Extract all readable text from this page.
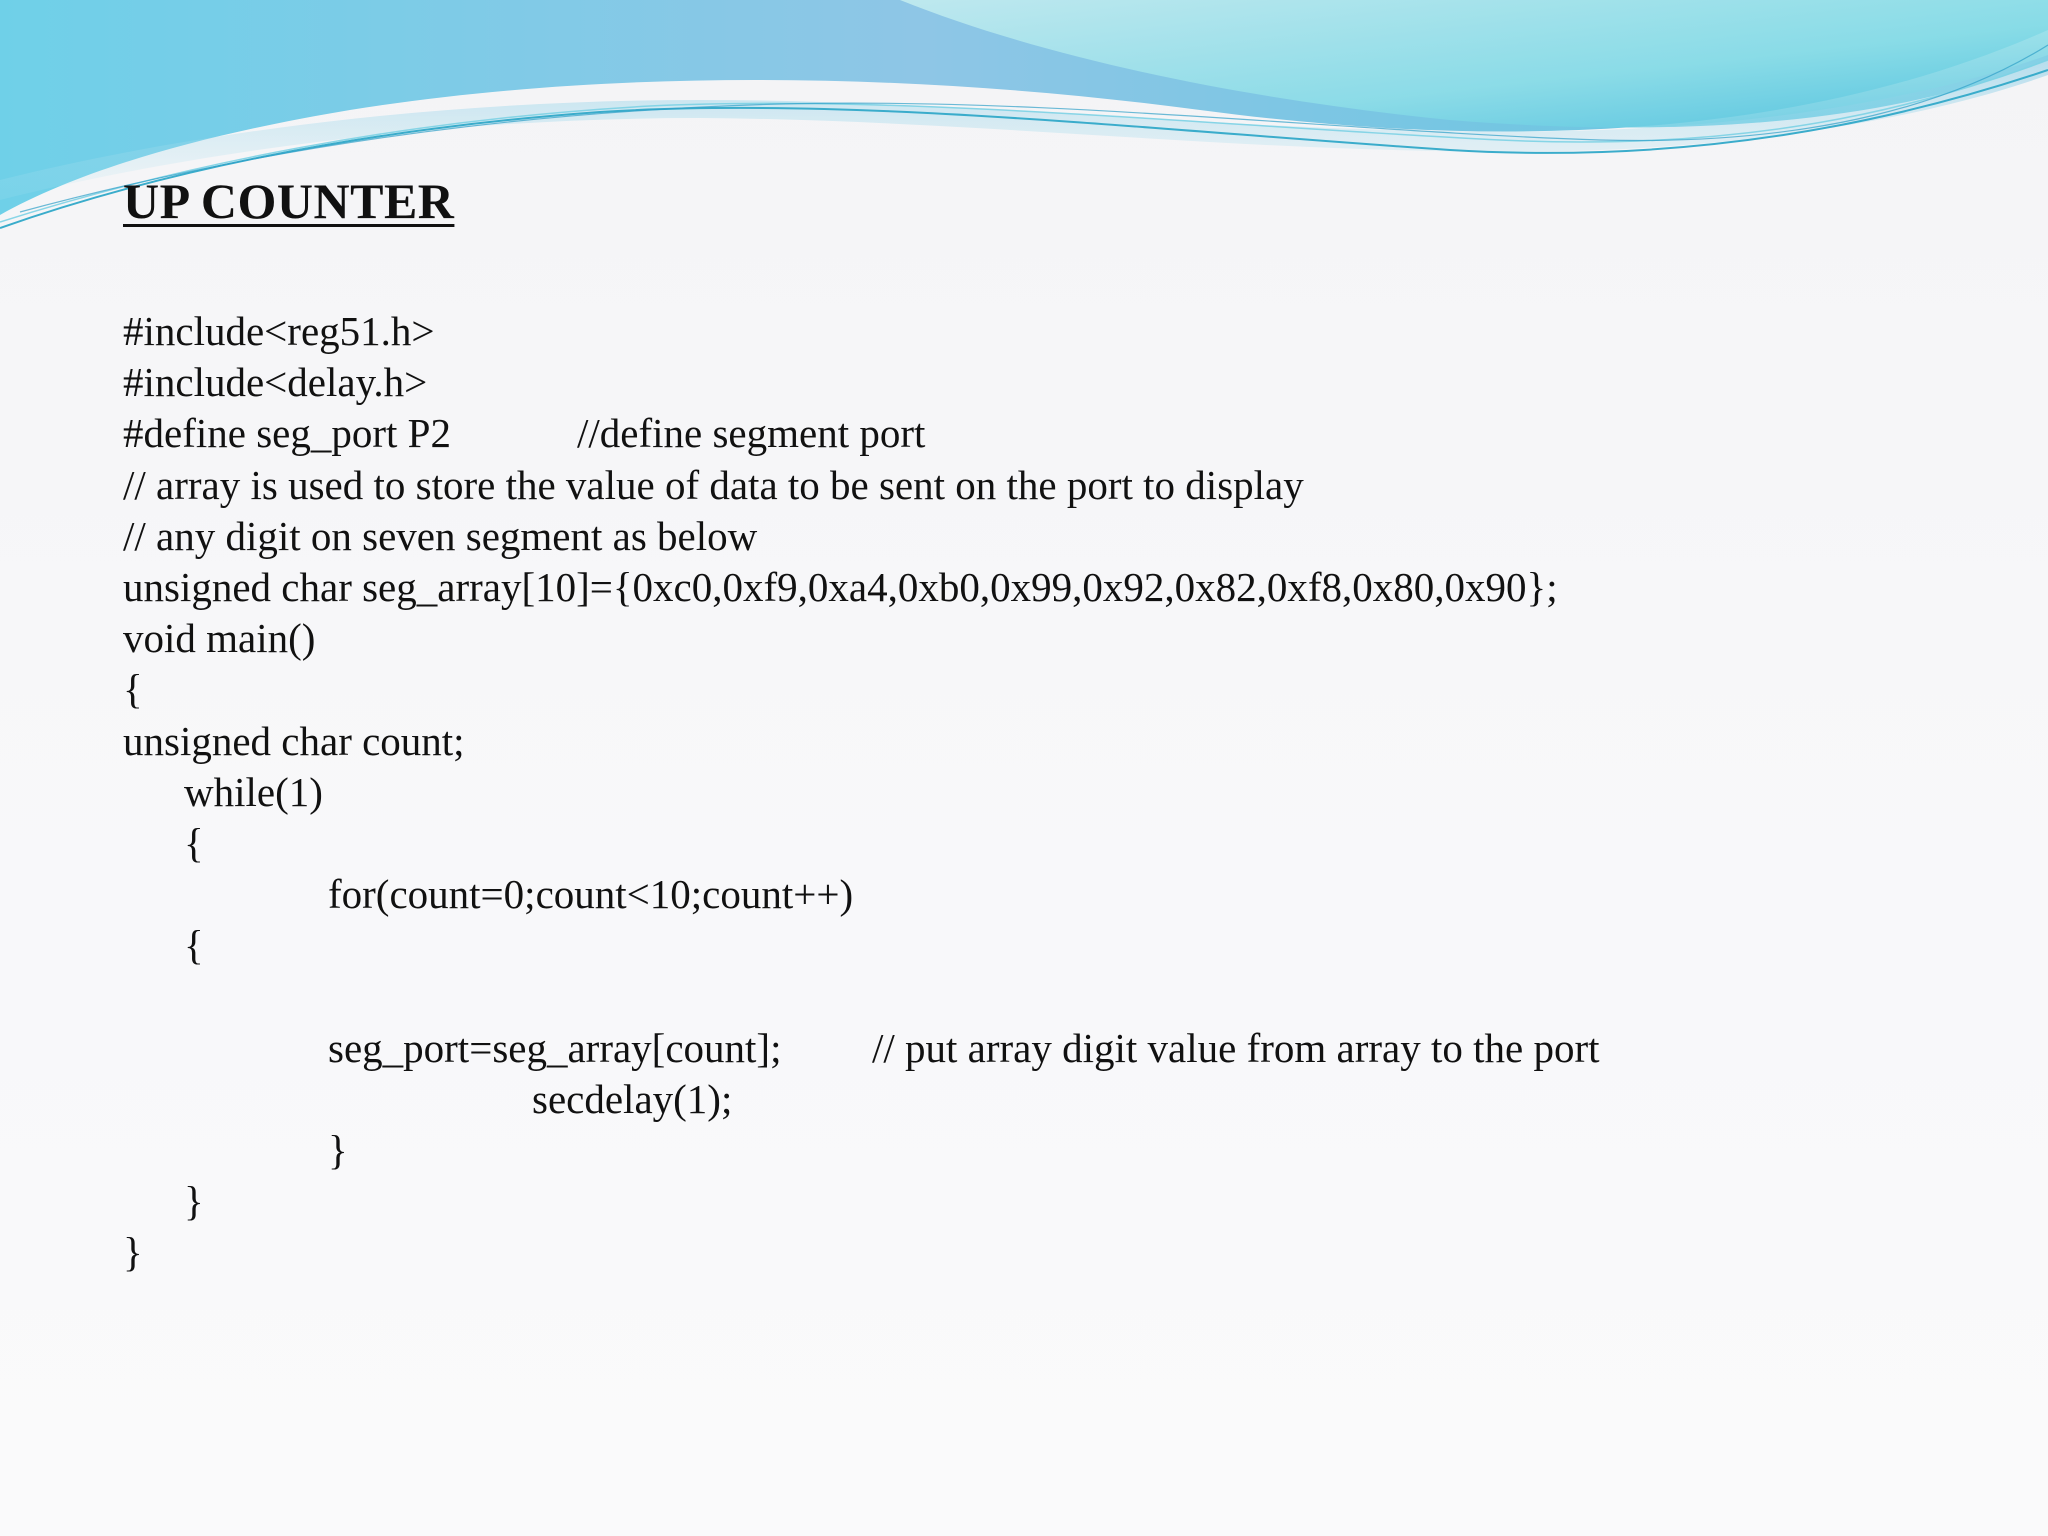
UP COUNTER
#include<reg51.h>
#include<delay.h>
#define seg_port P2	//define segment port
// array is used to store the value of data to be sent on the port to display
// any digit on seven segment as below
unsigned char seg_array[10]={0xc0,0xf9,0xa4,0xb0,0x99,0x92,0x82,0xf8,0x80,0x90};
void main()
{
unsigned char count;
while(1)
{
for(count=0;count<10;count++)
{
seg_port=seg_array[count]; // put array digit value from array to the port
secdelay(1);
}
}
}
